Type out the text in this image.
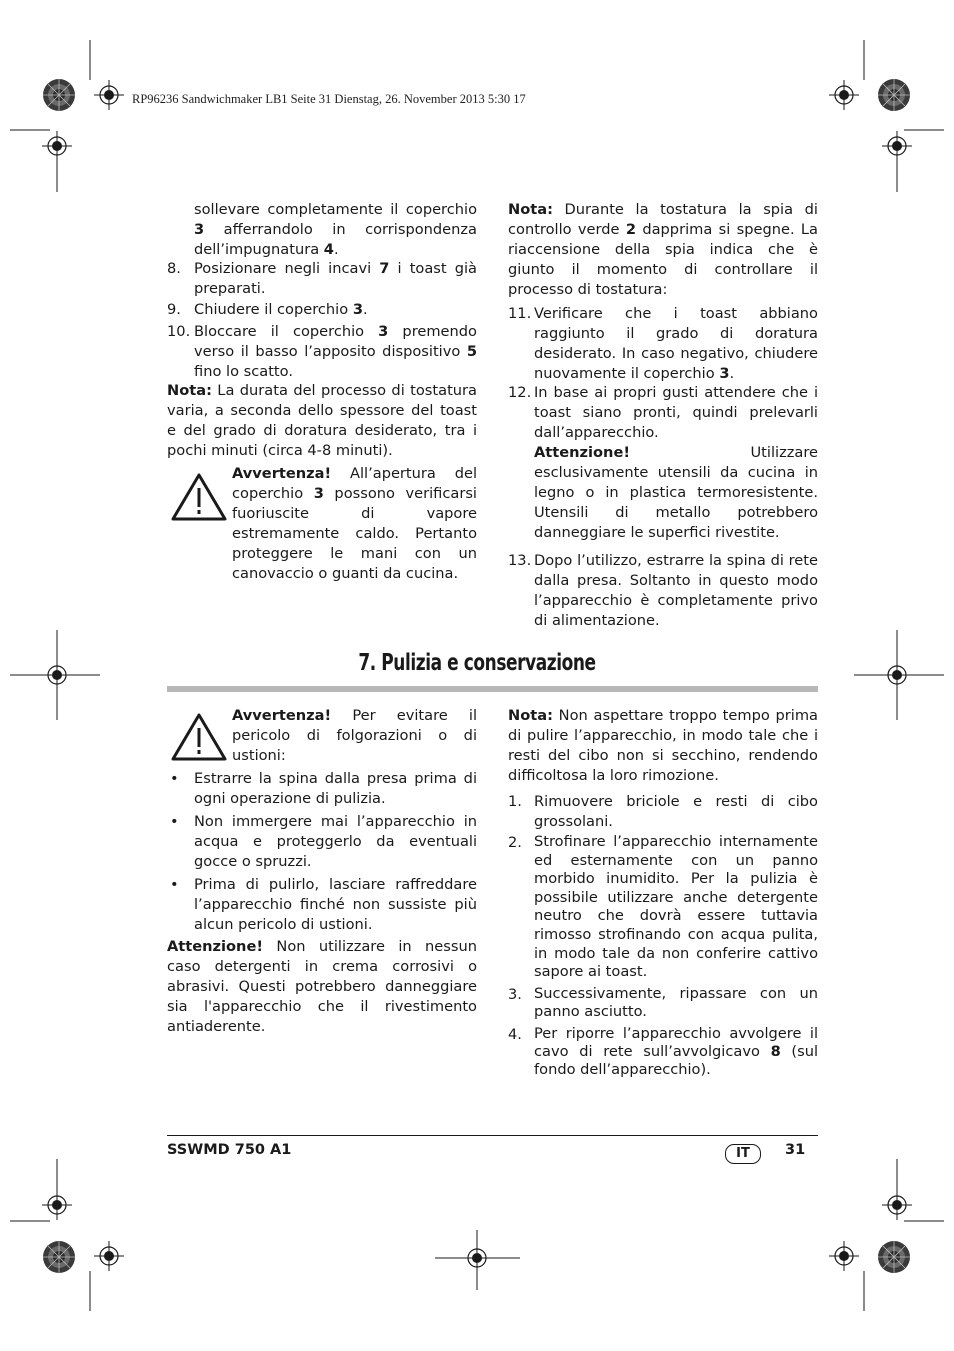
RP96236 Sandwichmaker LB1 Seite 31 Dienstag, 26. November 2013 5:30 17

sollevare completamente il coperchio 3 afferrandolo in corrispondenza dell’impugnatura 4.

8. Posizionare negli incavi 7 i toast già preparati.
9. Chiudere il coperchio 3.
10. Bloccare il coperchio 3 premendo verso il basso l’apposito dispositivo 5 fino lo scatto.

Nota: La durata del processo di tostatura varia, a seconda dello spessore del toast e del grado di doratura desiderato, tra i pochi minuti (circa 4-8 minuti).

Avvertenza! All’apertura del coperchio 3 possono verificarsi fuoriuscite di vapore estremamente caldo. Pertanto proteggere le mani con un canovaccio o guanti da cucina.

Nota: Durante la tostatura la spia di controllo verde 2 dapprima si spegne. La riaccensione della spia indica che è giunto il momento di controllare il processo di tostatura:

11. Verificare che i toast abbiano raggiunto il grado di doratura desiderato. In caso negativo, chiudere nuovamente il coperchio 3.
12. In base ai propri gusti attendere che i toast siano pronti, quindi prelevarli dall’apparecchio.

Attenzione! Utilizzare esclusivamente utensili da cucina in legno o in plastica termoresistente. Utensili di metallo potrebbero danneggiare le superfici rivestite.

13. Dopo l’utilizzo, estrarre la spina di rete dalla presa. Soltanto in questo modo l’apparecchio è completamente privo di alimentazione.
7. Pulizia e conservazione

Avvertenza! Per evitare il pericolo di folgorazioni o di ustioni:

• Estrarre la spina dalla presa prima di ogni operazione di pulizia.
• Non immergere mai l’apparecchio in acqua e proteggerlo da eventuali gocce o spruzzi.
• Prima di pulirlo, lasciare raffreddare l’apparecchio finché non sussiste più alcun pericolo di ustioni.

Attenzione! Non utilizzare in nessun caso detergenti in crema corrosivi o abrasivi. Questi potrebbero danneggiare sia l'apparecchio che il rivestimento antiaderente.

Nota: Non aspettare troppo tempo prima di pulire l’apparecchio, in modo tale che i resti del cibo non si secchino, rendendo difficoltosa la loro rimozione.

1. Rimuovere briciole e resti di cibo grossolani.
2. Strofinare l’apparecchio internamente ed esternamente con un panno morbido inumidito. Per la pulizia è possibile utilizzare anche detergente neutro che dovrà essere tuttavia rimosso strofinando con acqua pulita, in modo tale da non conferire cattivo sapore ai toast.
3. Successivamente, ripassare con un panno asciutto.
4. Per riporre l’apparecchio avvolgere il cavo di rete sull’avvolgicavo 8 (sul fondo dell’apparecchio).
SSWMD 750 A1	IT	31
